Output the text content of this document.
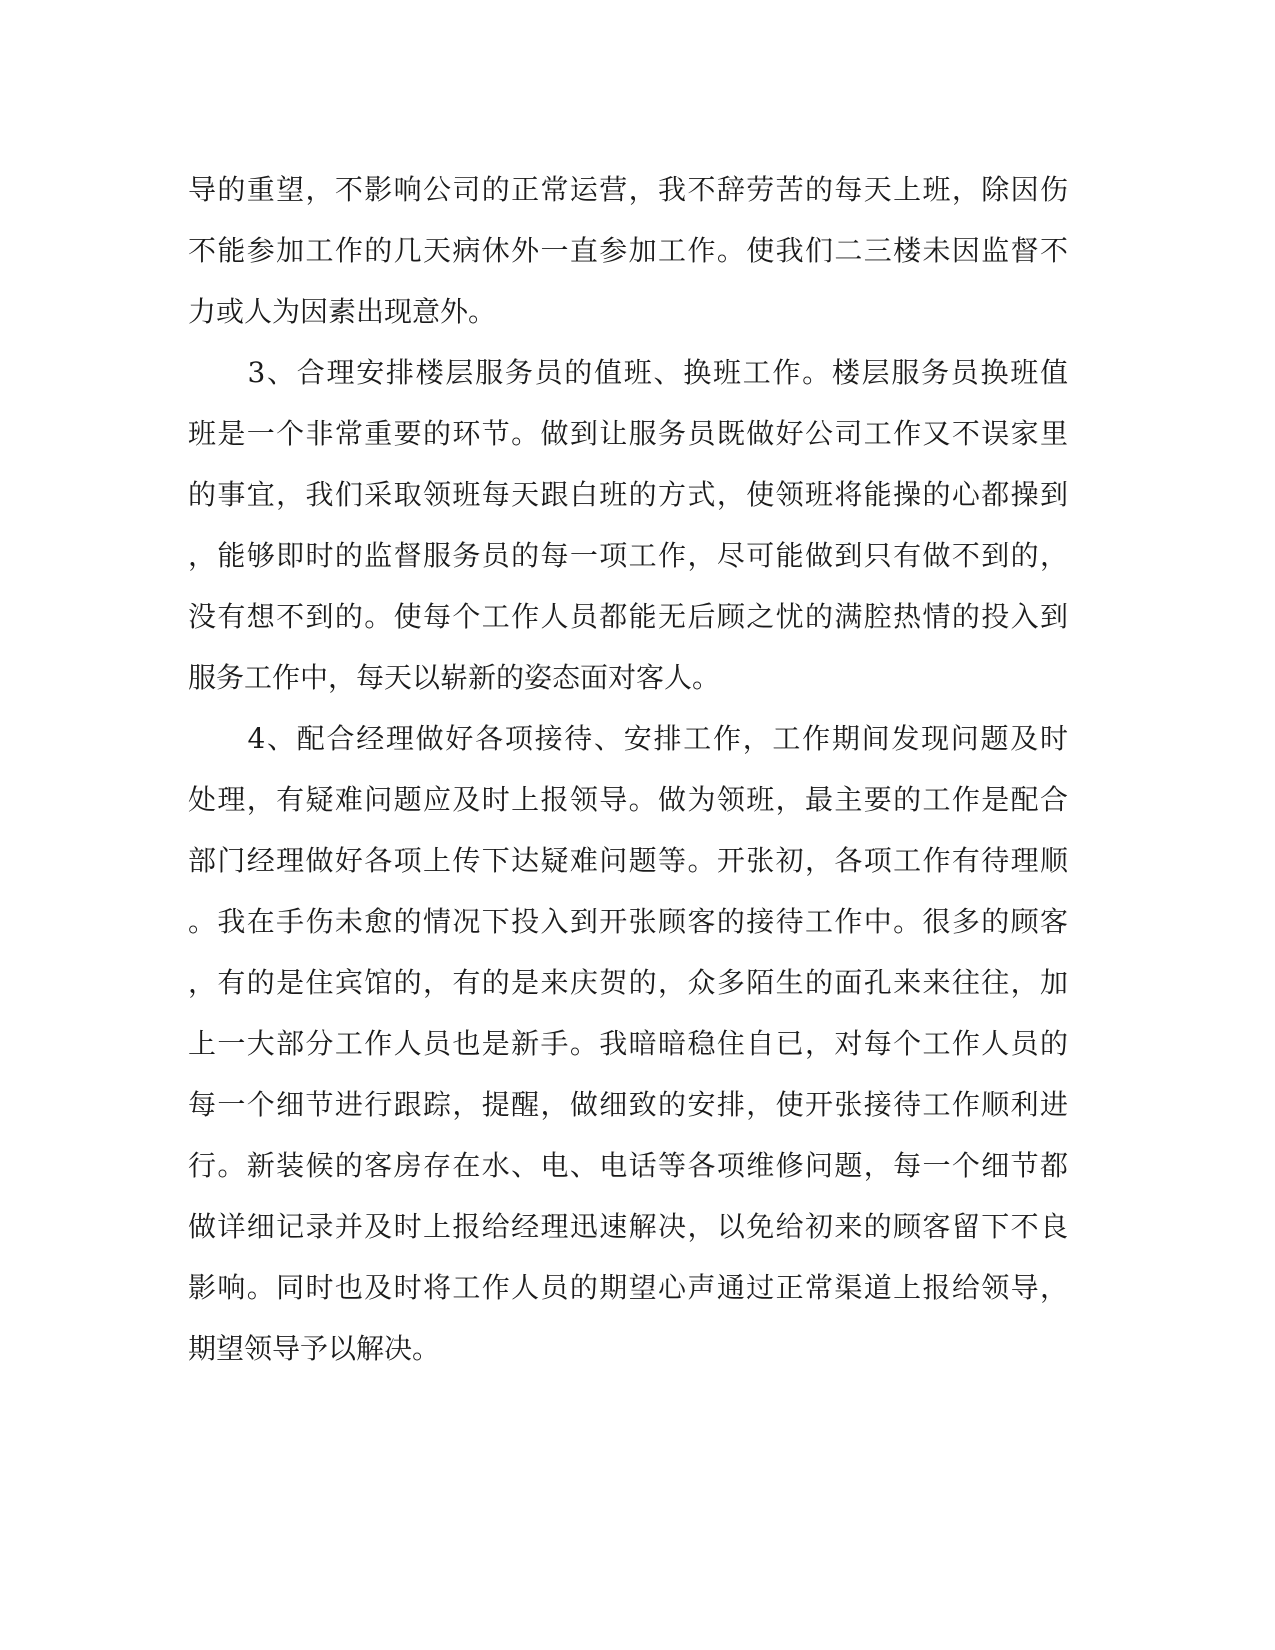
导的重望，不影响公司的正常运营，我不辞劳苦的每天上班，除因伤
不能参加工作的几天病休外一直参加工作。使我们二三楼未因监督不
力或人为因素出现意外。
　　3、合理安排楼层服务员的值班、换班工作。楼层服务员换班值
班是一个非常重要的环节。做到让服务员既做好公司工作又不误家里
的事宜，我们采取领班每天跟白班的方式，使领班将能操的心都操到
，能够即时的监督服务员的每一项工作，尽可能做到只有做不到的，
没有想不到的。使每个工作人员都能无后顾之忧的满腔热情的投入到
服务工作中，每天以崭新的姿态面对客人。
　　4、配合经理做好各项接待、安排工作，工作期间发现问题及时
处理，有疑难问题应及时上报领导。做为领班，最主要的工作是配合
部门经理做好各项上传下达疑难问题等。开张初，各项工作有待理顺
。我在手伤未愈的情况下投入到开张顾客的接待工作中。很多的顾客
，有的是住宾馆的，有的是来庆贺的，众多陌生的面孔来来往往，加
上一大部分工作人员也是新手。我暗暗稳住自已，对每个工作人员的
每一个细节进行跟踪，提醒，做细致的安排，使开张接待工作顺利进
行。新装候的客房存在水、电、电话等各项维修问题，每一个细节都
做详细记录并及时上报给经理迅速解决，以免给初来的顾客留下不良
影响。同时也及时将工作人员的期望心声通过正常渠道上报给领导，
期望领导予以解决。
